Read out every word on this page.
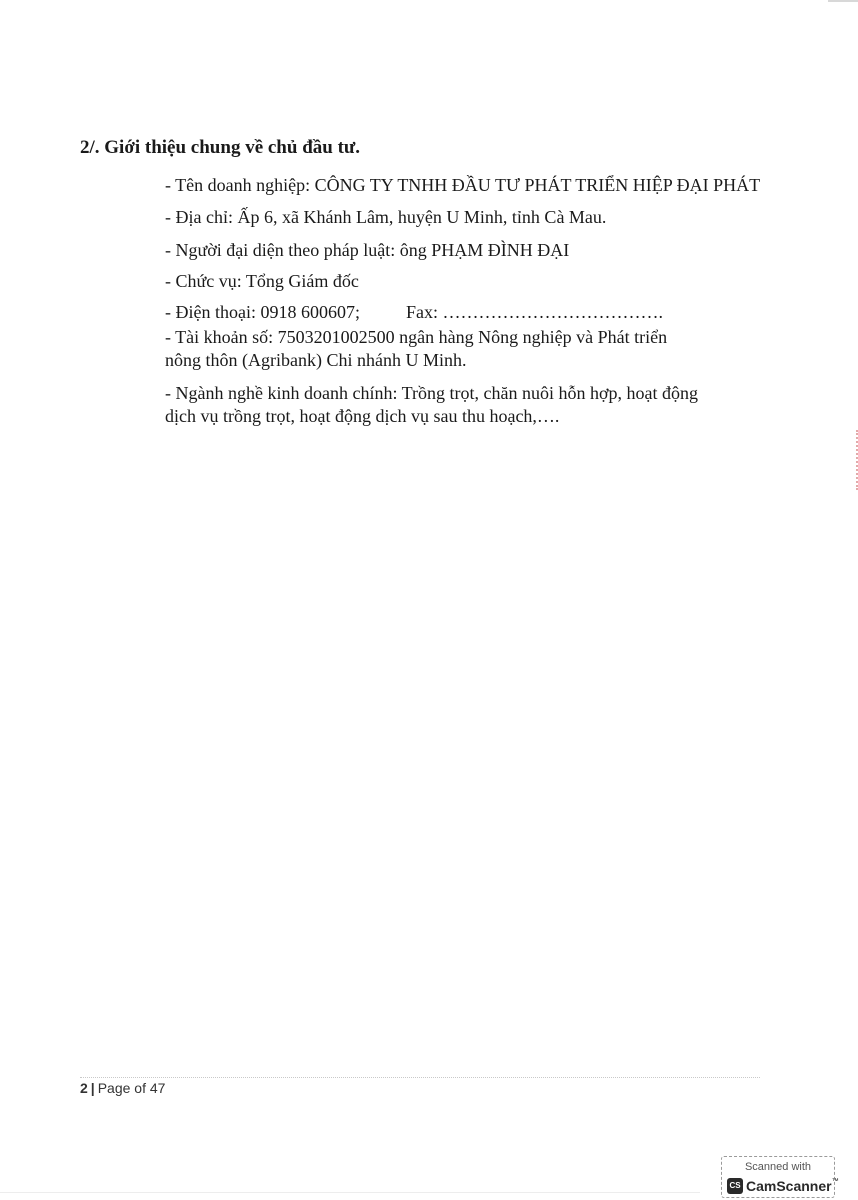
2/. Giới thiệu chung về chủ đầu tư.
- Tên doanh nghiệp: CÔNG TY TNHH ĐẦU TƯ PHÁT TRIỂN HIỆP ĐẠI PHÁT
- Địa chỉ: Ấp 6, xã Khánh Lâm, huyện U Minh, tỉnh Cà Mau.
- Người đại diện theo pháp luật: ông PHẠM ĐÌNH ĐẠI
- Chức vụ: Tổng Giám đốc
- Điện thoại: 0918 600607;	Fax: ……………………………….
- Tài khoản số: 7503201002500 ngân hàng Nông nghiệp và Phát triển
nông thôn (Agribank) Chi nhánh U Minh.
- Ngành nghề kinh doanh chính: Trồng trọt, chăn nuôi hỗn hợp, hoạt động
dịch vụ trồng trọt, hoạt động dịch vụ sau thu hoạch,….
2 | Page of 47
Scanned with
CS CamScanner ™
